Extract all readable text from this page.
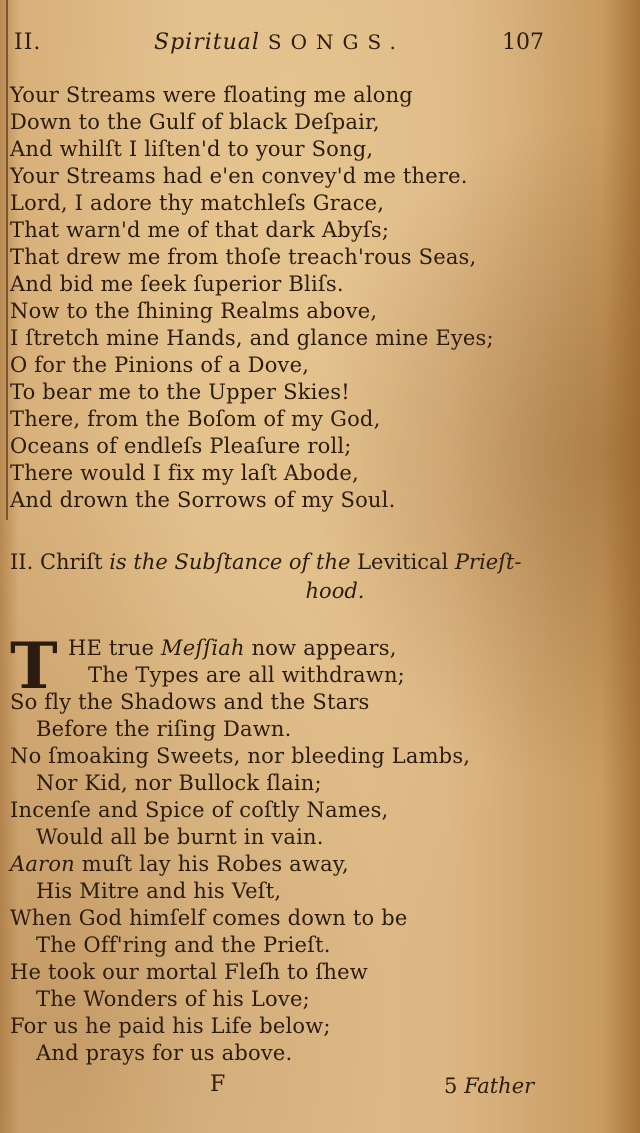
II.	Spiritual SONGS.	107
Your Streams were floating me along
Down to the Gulf of black Deſpair,
And whilſt I liſten'd to your Song,
Your Streams had e'en convey'd me there.
Lord, I adore thy matchleſs Grace,
That warn'd me of that dark Abyſs;
That drew me from thoſe treach'rous Seas,
And bid me ſeek ſuperior Bliſs.
Now to the ſhining Realms above,
I ſtretch mine Hands, and glance mine Eyes;
O for the Pinions of a Dove,
To bear me to the Upper Skies!
There, from the Boſom of my God,
Oceans of endleſs Pleaſure roll;
There would I fix my laſt Abode,
And drown the Sorrows of my Soul.
II. Chriſt is the Subſtance of the Levitical Prieſt-
hood.
T HE true Meſſiah now appears,
The Types are all withdrawn;
So fly the Shadows and the Stars
Before the riſing Dawn.
No ſmoaking Sweets, nor bleeding Lambs,
Nor Kid, nor Bullock ſlain;
Incenſe and Spice of coſtly Names,
Would all be burnt in vain.
Aaron muſt lay his Robes away,
His Mitre and his Veſt,
When God himſelf comes down to be
The Off'ring and the Prieſt.
He took our mortal Fleſh to ſhew
The Wonders of his Love;
For us he paid his Life below;
And prays for us above.
F	5 Father
